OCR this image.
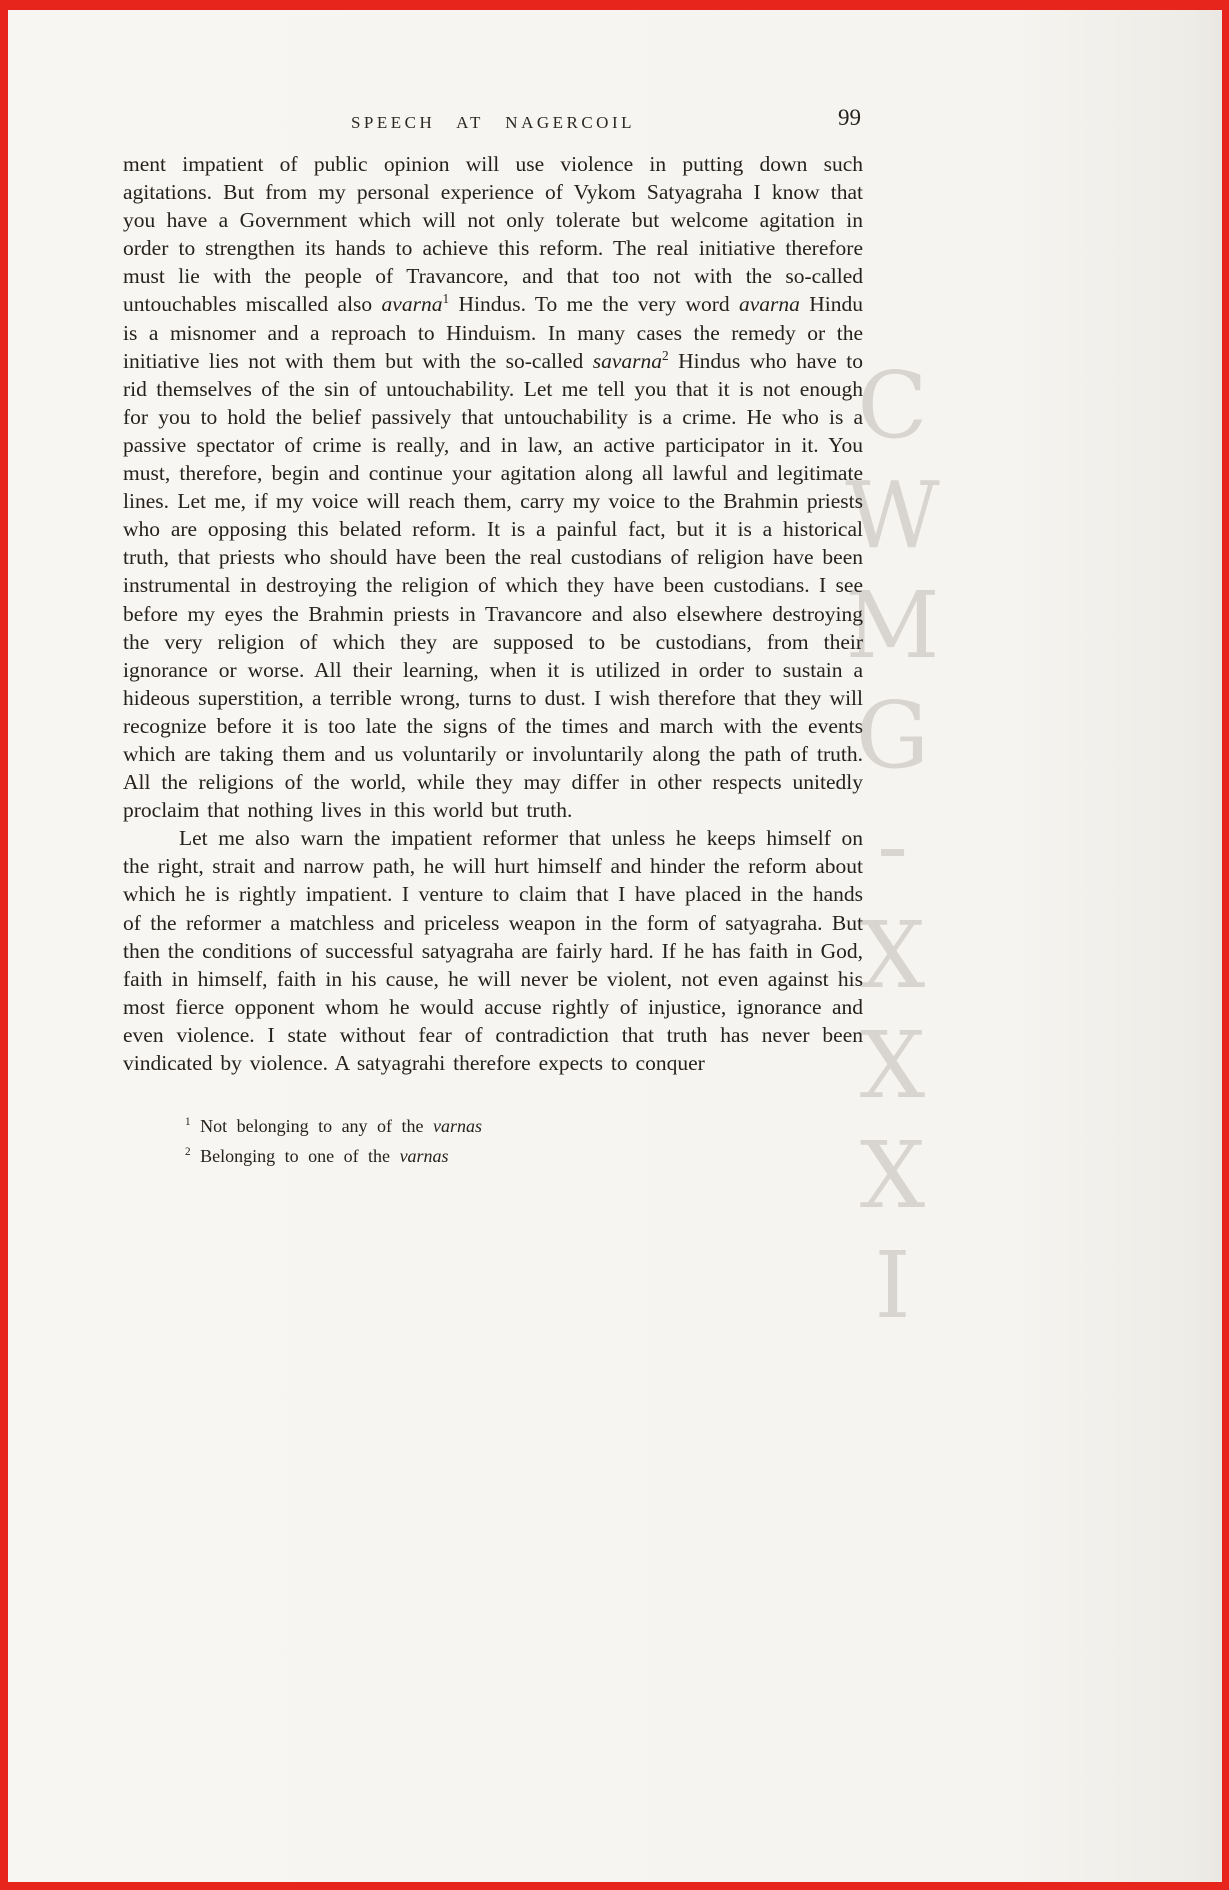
CWMG-XXXI
SPEECH AT NAGERCOIL	99

ment impatient of public opinion will use violence in putting down such agitations. But from my personal experience of Vykom Satyagraha I know that you have a Government which will not only tolerate but welcome agitation in order to strengthen its hands to achieve this reform. The real initiative therefore must lie with the people of Travancore, and that too not with the so-called untouchables miscalled also avarna$^1$ Hindus. To me the very word avarna Hindu is a misnomer and a reproach to Hinduism. In many cases the remedy or the initiative lies not with them but with the so-called savarna$^2$ Hindus who have to rid themselves of the sin of untouchability. Let me tell you that it is not enough for you to hold the belief passively that untouchability is a crime. He who is a passive spectator of crime is really, and in law, an active participator in it. You must, therefore, begin and continue your agitation along all lawful and legitimate lines. Let me, if my voice will reach them, carry my voice to the Brahmin priests who are opposing this belated reform. It is a painful fact, but it is a historical truth, that priests who should have been the real custodians of religion have been instrumental in destroying the religion of which they have been custodians. I see before my eyes the Brahmin priests in Travancore and also elsewhere destroying the very religion of which they are supposed to be custodians, from their ignorance or worse. All their learning, when it is utilized in order to sustain a hideous superstition, a terrible wrong, turns to dust. I wish therefore that they will recognize before it is too late the signs of the times and march with the events which are taking them and us voluntarily or involuntarily along the path of truth. All the religions of the world, while they may differ in other respects unitedly proclaim that nothing lives in this world but truth.

Let me also warn the impatient reformer that unless he keeps himself on the right, strait and narrow path, he will hurt himself and hinder the reform about which he is rightly impatient. I venture to claim that I have placed in the hands of the reformer a matchless and priceless weapon in the form of satyagraha. But then the conditions of successful satyagraha are fairly hard. If he has faith in God, faith in himself, faith in his cause, he will never be violent, not even against his most fierce opponent whom he would accuse rightly of injustice, ignorance and even violence. I state without fear of contradiction that truth has never been vindicated by violence. A satyagrahi therefore expects to conquer

$^1$ Not belonging to any of the varnas
$^2$ Belonging to one of the varnas
